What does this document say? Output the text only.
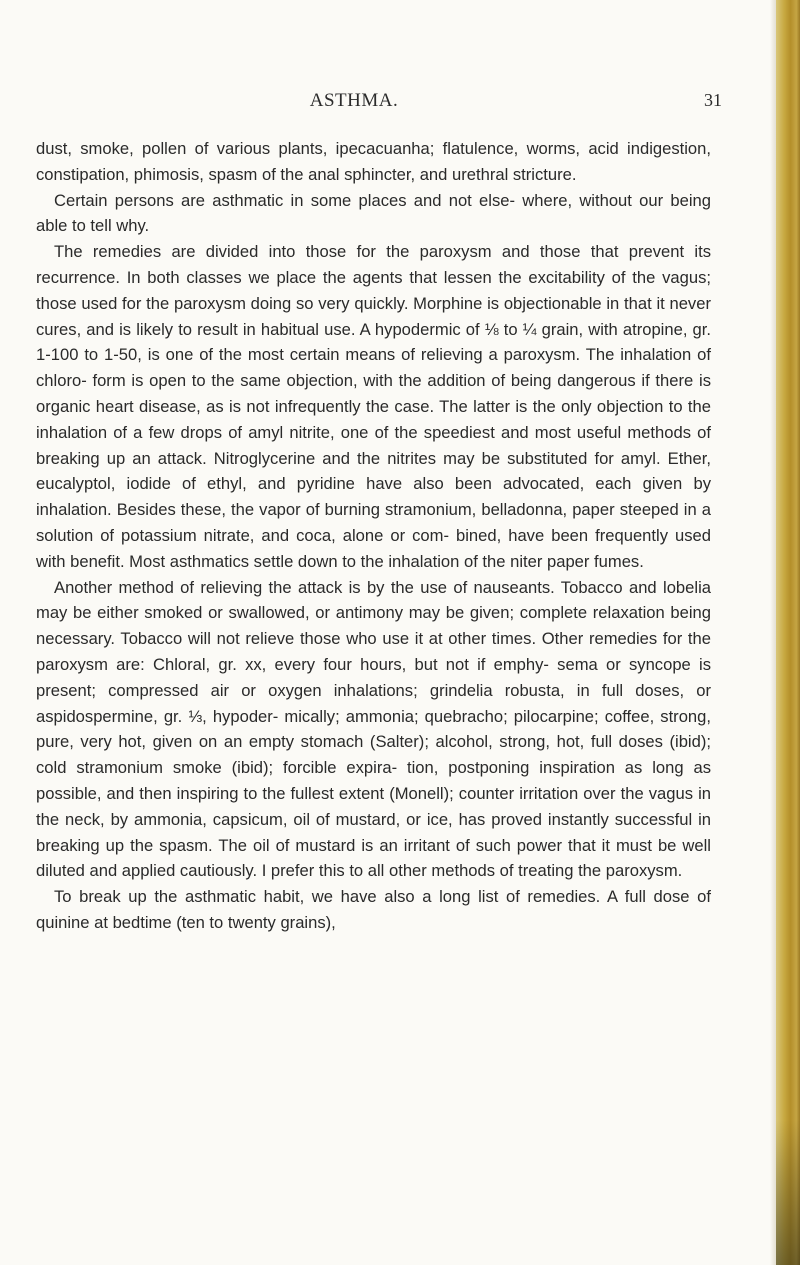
ASTHMA.	31

dust, smoke, pollen of various plants, ipecacuanha; flatulence, worms, acid indigestion, constipation, phimosis, spasm of the anal sphincter, and urethral stricture.

Certain persons are asthmatic in some places and not else- where, without our being able to tell why.

The remedies are divided into those for the paroxysm and those that prevent its recurrence. In both classes we place the agents that lessen the excitability of the vagus; those used for the paroxysm doing so very quickly. Morphine is objectionable in that it never cures, and is likely to result in habitual use. A hypodermic of ⅛ to ¼ grain, with atropine, gr. 1-100 to 1-50, is one of the most certain means of relieving a paroxysm. The inhalation of chloro- form is open to the same objection, with the addition of being dangerous if there is organic heart disease, as is not infrequently the case. The latter is the only objection to the inhalation of a few drops of amyl nitrite, one of the speediest and most useful methods of breaking up an attack. Nitroglycerine and the nitrites may be substituted for amyl. Ether, eucalyptol, iodide of ethyl, and pyridine have also been advocated, each given by inhalation. Besides these, the vapor of burning stramonium, belladonna, paper steeped in a solution of potassium nitrate, and coca, alone or com- bined, have been frequently used with benefit. Most asthmatics settle down to the inhalation of the niter paper fumes.

Another method of relieving the attack is by the use of nauseants. Tobacco and lobelia may be either smoked or swallowed, or antimony may be given; complete relaxation being necessary. Tobacco will not relieve those who use it at other times. Other remedies for the paroxysm are: Chloral, gr. xx, every four hours, but not if emphy- sema or syncope is present; compressed air or oxygen inhalations; grindelia robusta, in full doses, or aspidospermine, gr. ⅓, hypoder- mically; ammonia; quebracho; pilocarpine; coffee, strong, pure, very hot, given on an empty stomach (Salter); alcohol, strong, hot, full doses (ibid); cold stramonium smoke (ibid); forcible expira- tion, postponing inspiration as long as possible, and then inspiring to the fullest extent (Monell); counter irritation over the vagus in the neck, by ammonia, capsicum, oil of mustard, or ice, has proved instantly successful in breaking up the spasm. The oil of mustard is an irritant of such power that it must be well diluted and applied cautiously. I prefer this to all other methods of treating the paroxysm.

To break up the asthmatic habit, we have also a long list of remedies. A full dose of quinine at bedtime (ten to twenty grains),
